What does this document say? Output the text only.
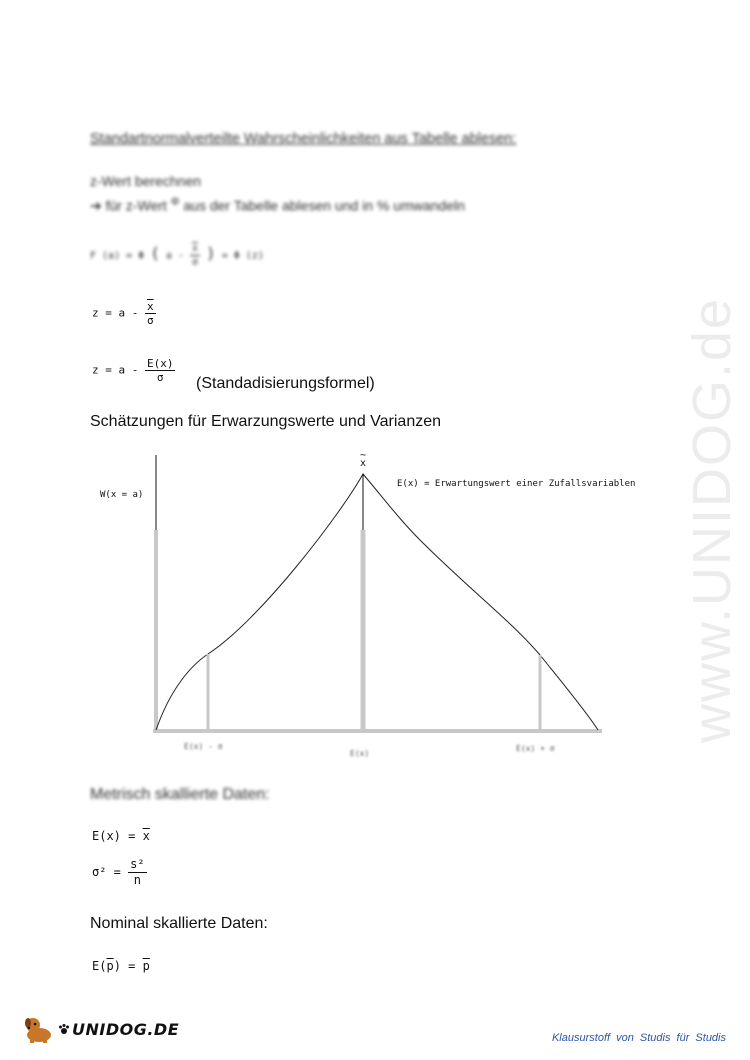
www.UNIDOG.de
Standartnormalverteilte Wahrscheinlichkeiten aus Tabelle ablesen:
z-Wert berechnen
➔ für z-Wert $^\Phi$ aus der Tabelle ablesen und in % umwandeln
F (a) = Φ ( a - $\frac{\overline{x}}{\sigma}$ ) = Φ (z)
$z = a - \frac{\overline{x}}{\sigma}$
$z = a - \frac{E(x)}{\sigma}$ (Standadisierungsformel)
Schätzungen für Erwarzungswerte und Varianzen
W(x = a)
~
x
E(x) = Erwartungswert einer Zufallsvariablen
E(x) - σ
E(x)
E(x) + σ
Metrisch skallierte Daten:
$E(x) = \overline{x}$
$\sigma^2 = \frac{\text{s²}}{n}$
Nominal skallierte Daten:
$E(\overline{p}) = \overline{p}$
UNIDOG.DE	Klausurstoff von Studis für Studis
